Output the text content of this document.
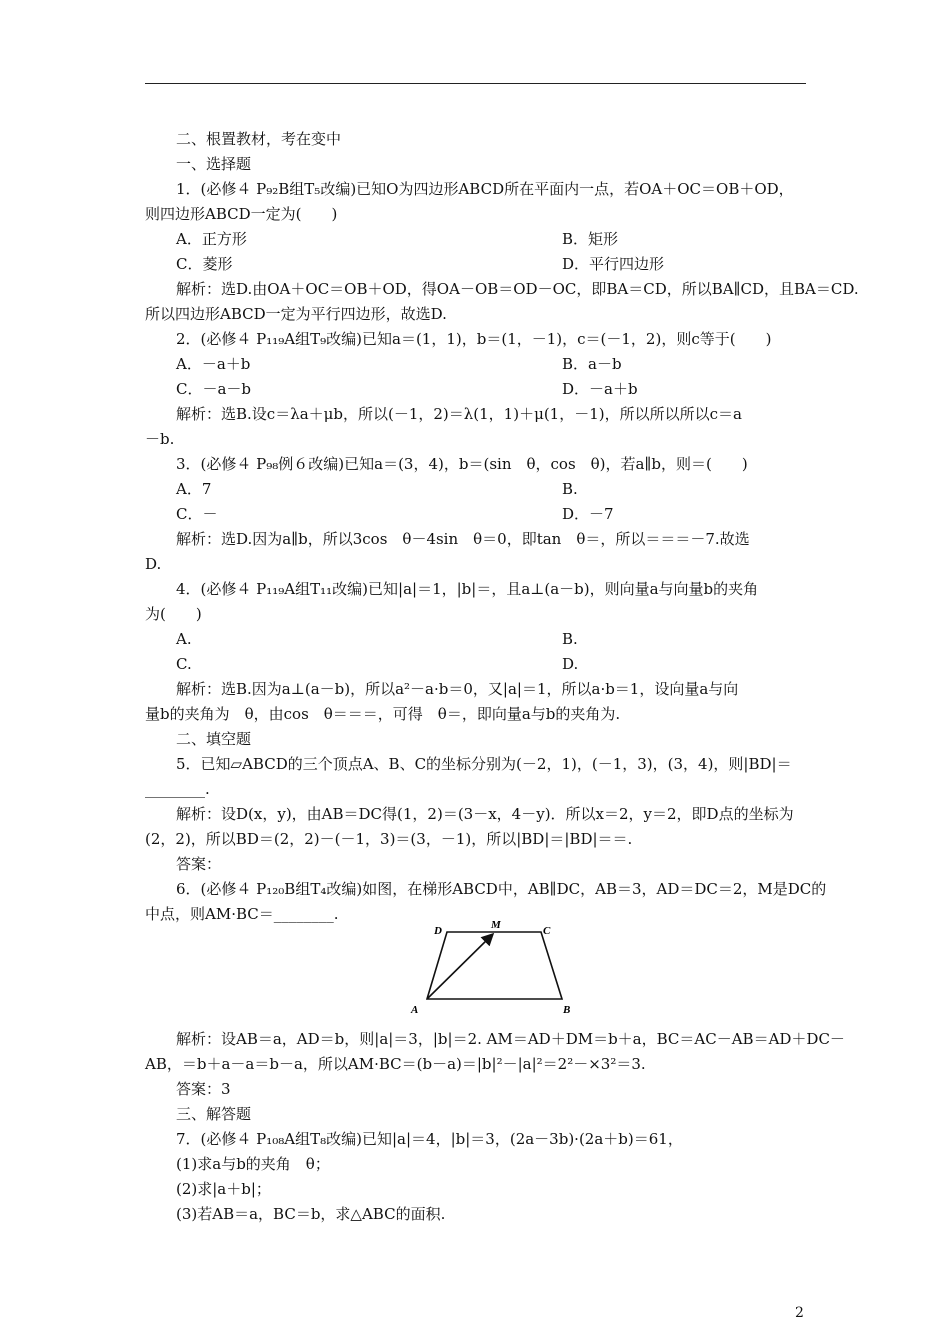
二、根置教材，考在变中
一、选择题
1．(必修４ P₉₂B组T₅改编)已知O为四边形ABCD所在平面内一点，若OA＋OC＝OB＋OD，
则四边形ABCD一定为(　　)
A．正方形	B．矩形
C．菱形	D．平行四边形
解析：选D.由OA＋OC＝OB＋OD，得OA－OB＝OD－OC，即BA＝CD，所以BA∥CD，且BA＝CD.
所以四边形ABCD一定为平行四边形，故选D.
2．(必修４ P₁₁₉A组T₉改编)已知a＝(1，1)，b＝(1，－1)，c＝(－1，2)，则c等于(　　)
A．－a＋b	B．a－b
C．－a－b	D．－a＋b
解析：选B.设c＝λa＋μb，所以(－1，2)＝λ(1，1)＋μ(1，－1)，所以所以所以c＝a
－b.
3．(必修４ P₉₈例６改编)已知a＝(3，4)，b＝(sin　θ，cos　θ)，若a∥b，则＝(　　)
A．7	B.
C．－	D．－7
解析：选D.因为a∥b，所以3cos　θ－4sin　θ＝0，即tan　θ＝，所以＝＝＝－7.故选
D.
4．(必修４ P₁₁₉A组T₁₁改编)已知|a|＝1，|b|＝，且a⊥(a－b)，则向量a与向量b的夹角
为(　　)
A.	B.
C.	D.
解析：选B.因为a⊥(a－b)，所以a²－a·b＝0，又|a|＝1，所以a·b＝1，设向量a与向
量b的夹角为　θ，由cos　θ＝＝＝，可得　θ＝，即向量a与b的夹角为.
二、填空题
5．已知▱ABCD的三个顶点A、B、C的坐标分别为(－2，1)，(－1，3)，(3，4)，则|BD|＝
________.
解析：设D(x，y)，由AB＝DC得(1，2)＝(3－x，4－y)．所以x＝2，y＝2，即D点的坐标为
(2，2)，所以BD＝(2，2)－(－1，3)＝(3，－1)，所以|BD|＝|BD|＝＝.
答案：
6．(必修４ P₁₂₀B组T₄改编)如图，在梯形ABCD中，AB∥DC，AB＝3，AD＝DC＝2，M是DC的
中点，则AM·BC＝________.
A	B
C
D	M
解析：设AB＝a，AD＝b，则|a|＝3，|b|＝2. AM＝AD＋DM＝b＋a，BC＝AC－AB＝AD＋DC－
AB，＝b＋a－a＝b－a，所以AM·BC＝(b－a)＝|b|²－|a|²＝2²－×3²＝3.
答案：3
三、解答题
7．(必修４ P₁₀₈A组T₈改编)已知|a|＝4，|b|＝3，(2a－3b)·(2a＋b)＝61，
(1)求a与b的夹角　θ；
(2)求|a＋b|；
(3)若AB＝a，BC＝b，求△ABC的面积.
2
